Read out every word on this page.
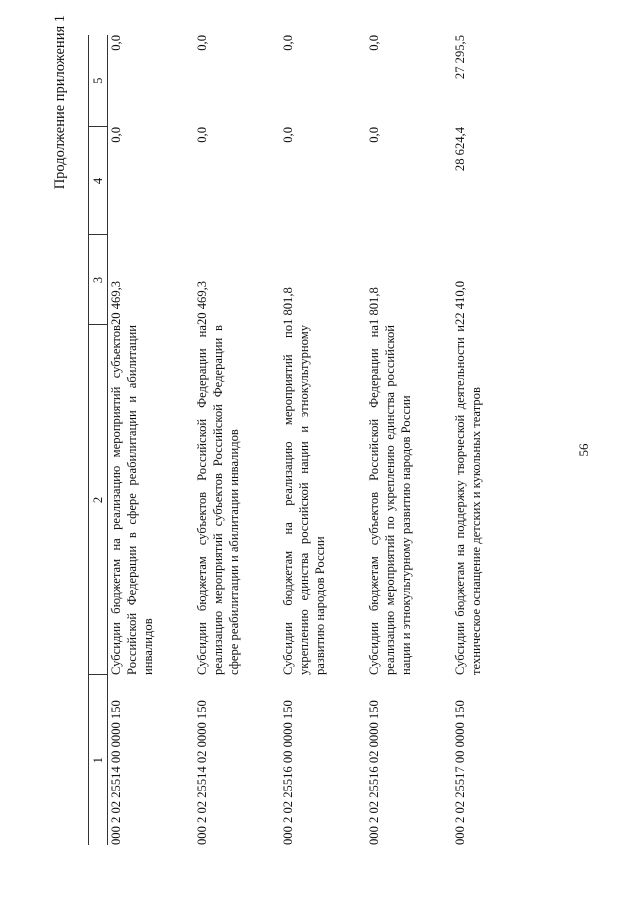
56
Продолжение приложения 1
1	2	3	4	5
000 2 02 25514 00 0000 150	Субсидии бюджетам на реализацию мероприятий субъектов Российской Федерации в сфере реабилитации и абилитации инвалидов	20 469,3	0,0	0,0
000 2 02 25514 02 0000 150	Субсидии бюджетам субъектов Российской Федерации на реализацию мероприятий субъектов Российской Федерации в сфере реабилитации и абилитации инвалидов	20 469,3	0,0	0,0
000 2 02 25516 00 0000 150	Субсидии бюджетам на реализацию мероприятий по укреплению единства российской нации и этнокультурному развитию народов России	1 801,8	0,0	0,0
000 2 02 25516 02 0000 150	Субсидии бюджетам субъектов Российской Федерации на реализацию мероприятий по укреплению единства российской нации и этнокультурному развитию народов России	1 801,8	0,0	0,0
000 2 02 25517 00 0000 150	Субсидии бюджетам на поддержку творческой деятельности и техническое оснащение детских и кукольных театров	22 410,0	28 624,4	27 295,5
